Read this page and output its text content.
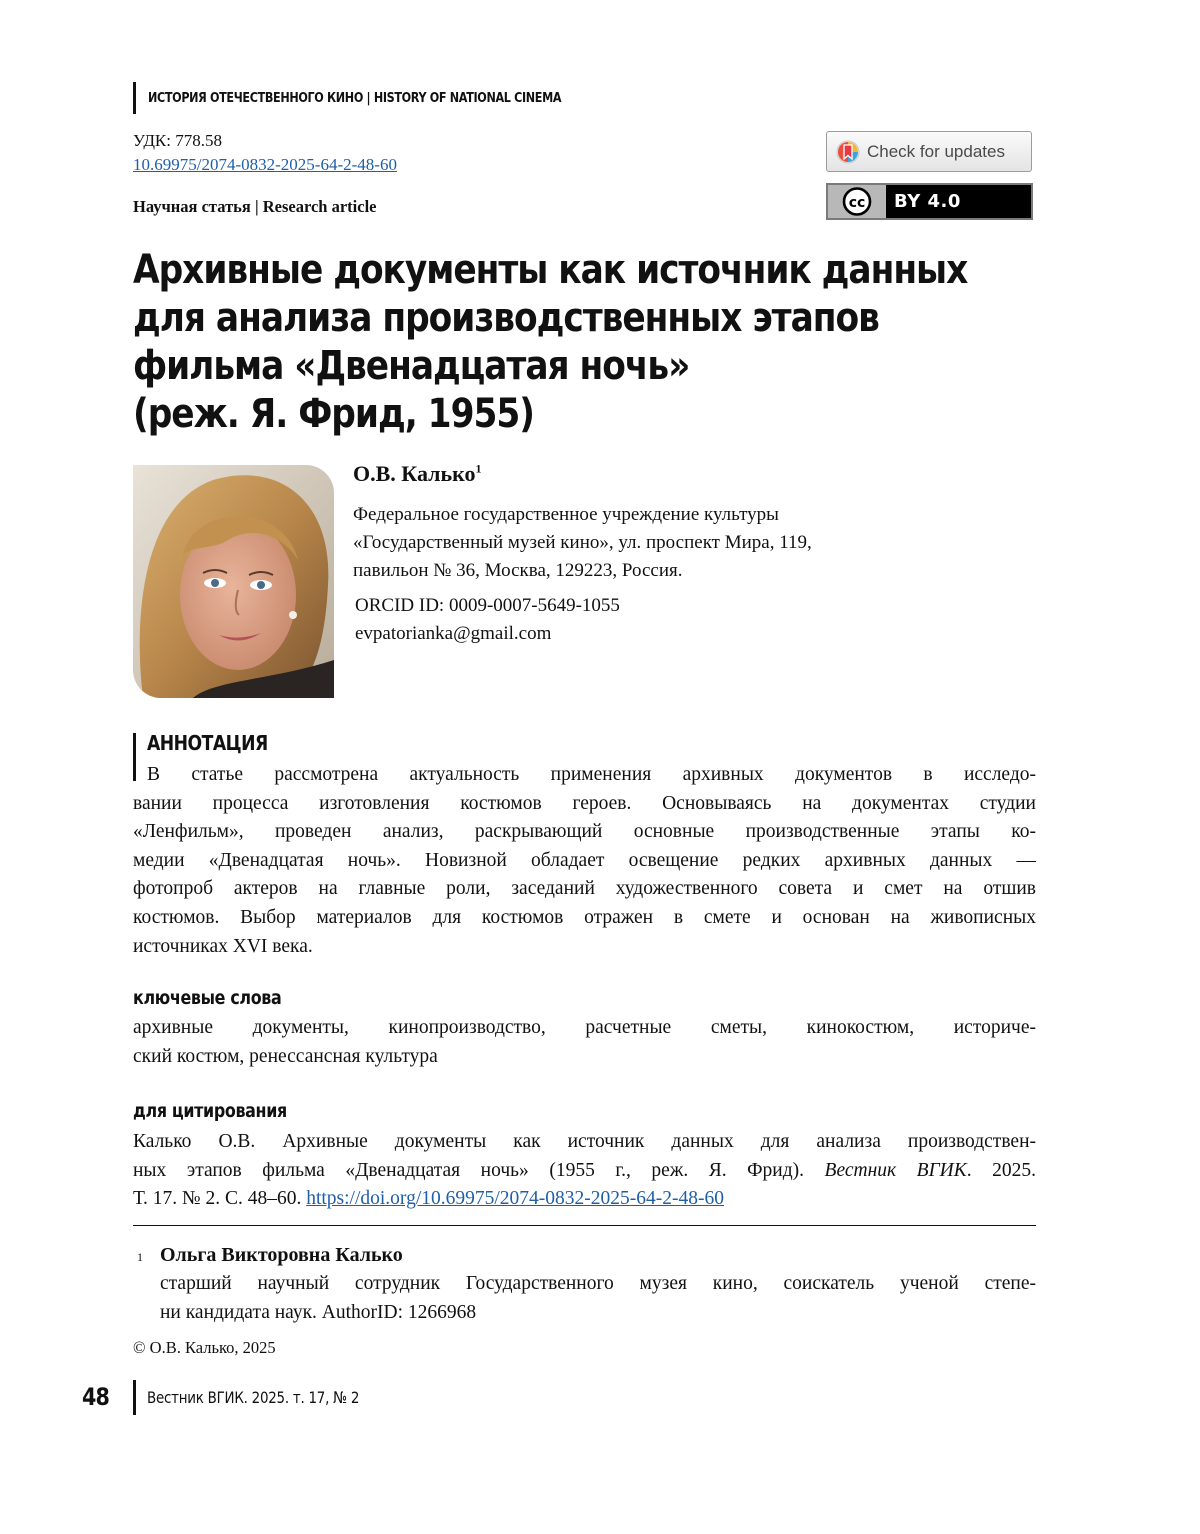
ИСТОРИЯ ОТЕЧЕСТВЕННОГО КИНО | HISTORY OF NATIONAL CINEMA
УДК: 778.58
10.69975/2074-0832-2025-64-2-48-60
Научная статья | Research article
Check for updates
cc BY 4.0
Архивные документы как источник данных
для анализа производственных этапов
фильма «Двенадцатая ночь»
(реж. Я. Фрид, 1955)
О.В. Калько$^1$
Федеральное государственное учреждение культуры
«Государственный музей кино», ул. проспект Мира, 119,
павильон № 36, Москва, 129223, Россия.
ORCID ID: 0009-0007-5649-1055
evpatorianka@gmail.com
АННОТАЦИЯ
В статье рассмотрена актуальность применения архивных документов в исследо-
вании процесса изготовления костюмов героев. Основываясь на документах студии
«Ленфильм», проведен анализ, раскрывающий основные производственные этапы ко-
медии «Двенадцатая ночь». Новизной обладает освещение редких архивных данных —
фотопроб актеров на главные роли, заседаний художественного совета и смет на отшив
костюмов. Выбор материалов для костюмов отражен в смете и основан на живописных
источниках XVI века.
ключевые слова
архивные документы, кинопроизводство, расчетные сметы, кинокостюм, историче-
ский костюм, ренессансная культура
для цитирования
Калько О.В. Архивные документы как источник данных для анализа производствен-
ных этапов фильма «Двенадцатая ночь» (1955 г., реж. Я. Фрид). Вестник ВГИК. 2025.
Т. 17. № 2. С. 48–60. https://doi.org/10.69975/2074-0832-2025-64-2-48-60
1 Ольга Викторовна Калько
старший научный сотрудник Государственного музея кино, соискатель ученой степе-
ни кандидата наук. AuthorID: 1266968
© О.В. Калько, 2025
48 Вестник ВГИК. 2025. т. 17, № 2
